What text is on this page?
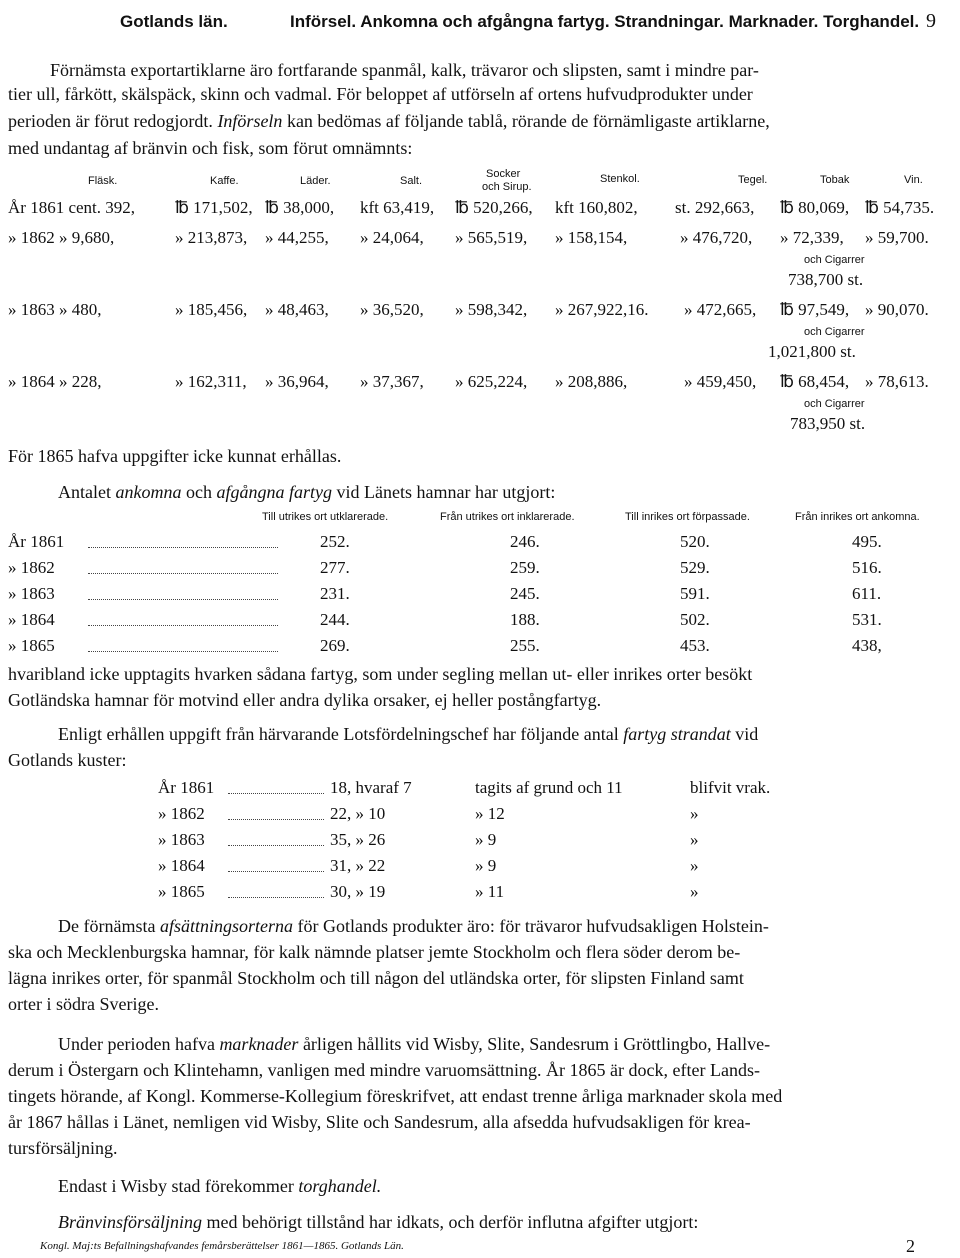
Gotlands län.	Införsel. Ankomna och afgångna fartyg. Strandningar. Marknader. Torghandel. 9
Förnämsta exportartiklarne äro fortfarande spanmål, kalk, trävaror och slipsten, samt i mindre par-
tier ull, fårkött, skälspäck, skinn och vadmal. För beloppet af utförseln af ortens hufvudprodukter under
perioden är förut redogjordt. Införseln kan bedömas af följande tablå, rörande de förnämligaste artiklarne,
med undantag af bränvin och fisk, som förut omnämnts:
Fläsk.	Kaffe.	Läder.	Salt.
Socker
och Sirup.
Stenkol.	Tegel.	Tobak	Vin.
År 1861 cent. 392, ℔ 171,502, ℔ 38,000, kft 63,419, ℔ 520,266, kft 160,802, st. 292,663, ℔ 80,069, ℔ 54,735.
» 1862 » 9,680,	» 213,873, » 44,255, » 24,064, » 565,519, » 158,154,	» 476,720, » 72,339, » 59,700.
och Cigarrer
738,700 st.
» 1863 » 480,	» 185,456, » 48,463, » 36,520, » 598,342, » 267,922,16. » 472,665, ℔ 97,549, » 90,070.
och Cigarrer
1,021,800 st.
» 1864 » 228,	» 162,311, » 36,964, » 37,367, » 625,224, » 208,886,	» 459,450, ℔ 68,454, » 78,613.
och Cigarrer
783,950 st.
För 1865 hafva uppgifter icke kunnat erhållas.
Antalet ankomna och afgångna fartyg vid Länets hamnar har utgjort:
Till utrikes ort utklarerade.	Från utrikes ort inklarerade.	Till inrikes ort förpassade.	Från inrikes ort ankomna.
År 1861	252.	246.	520.	495.
» 1862	277.	259.	529.	516.
» 1863	231.	245.	591.	611.
» 1864	244.	188.	502.	531.
» 1865	269.	255.	453.	438,
hvaribland icke upptagits hvarken sådana fartyg, som under segling mellan ut- eller inrikes orter besökt
Gotländska hamnar för motvind eller andra dylika orsaker, ej heller postångfartyg.
Enligt erhållen uppgift från härvarande Lotsfördelningschef har följande antal fartyg strandat vid
Gotlands kuster:
År 1861	18, hvaraf 7	tagits af grund och 11	blifvit vrak.
» 1862	22, » 10	» 12	»
» 1863	35, » 26	» 9	»
» 1864	31, » 22	» 9	»
» 1865	30, » 19	» 11	»
De förnämsta afsättningsorterna för Gotlands produkter äro: för trävaror hufvudsakligen Holstein-
ska och Mecklenburgska hamnar, för kalk nämnde platser jemte Stockholm och flera söder derom be-
lägna inrikes orter, för spanmål Stockholm och till någon del utländska orter, för slipsten Finland samt
orter i södra Sverige.
Under perioden hafva marknader årligen hållits vid Wisby, Slite, Sandesrum i Gröttlingbo, Hallve-
derum i Östergarn och Klintehamn, vanligen med mindre varuomsättning. År 1865 är dock, efter Lands-
tingets hörande, af Kongl. Kommerse-Kollegium föreskrifvet, att endast trenne årliga marknader skola med
år 1867 hållas i Länet, nemligen vid Wisby, Slite och Sandesrum, alla afsedda hufvudsakligen för krea-
tursförsäljning.
Endast i Wisby stad förekommer torghandel.
Bränvinsförsäljning med behörigt tillstånd har idkats, och derför influtna afgifter utgjort:
Kongl. Maj:ts Befallningshafvandes femårsberättelser 1861—1865. Gotlands Län.	2
